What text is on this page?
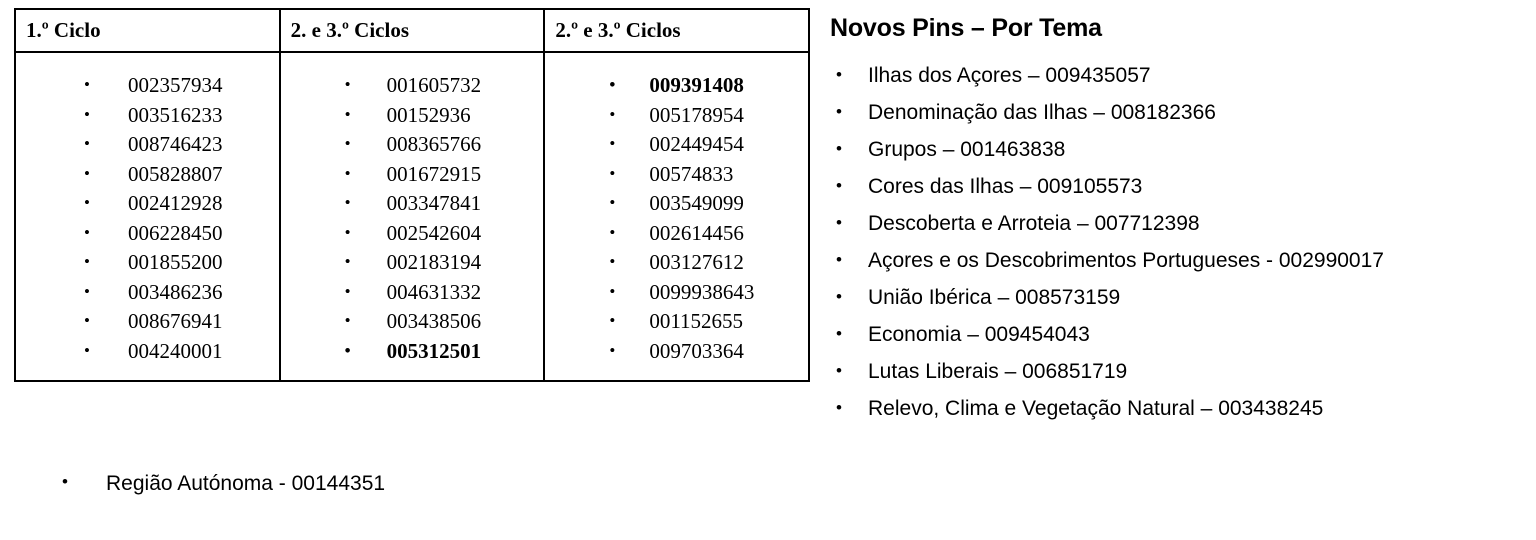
1.º Ciclo
• 002357934
• 003516233
• 008746423
• 005828807
• 002412928
• 006228450
• 001855200
• 003486236
• 008676941
• 004240001

2. e 3.º Ciclos
• 001605732
• 00152936
• 008365766
• 001672915
• 003347841
• 002542604
• 002183194
• 004631332
• 003438506
• 005312501

2.º e 3.º Ciclos
• 009391408
• 005178954
• 002449454
• 00574833
• 003549099
• 002614456
• 003127612
• 0099938643
• 001152655
• 009703364
• Região Autónoma - 00144351
Novos Pins – Por Tema
• Ilhas dos Açores – 009435057
• Denominação das Ilhas – 008182366
• Grupos – 001463838
• Cores das Ilhas – 009105573
• Descoberta e Arroteia – 007712398
• Açores e os Descobrimentos Portugueses - 002990017
• União Ibérica – 008573159
• Economia – 009454043
• Lutas Liberais – 006851719
• Relevo, Clima e Vegetação Natural – 003438245
